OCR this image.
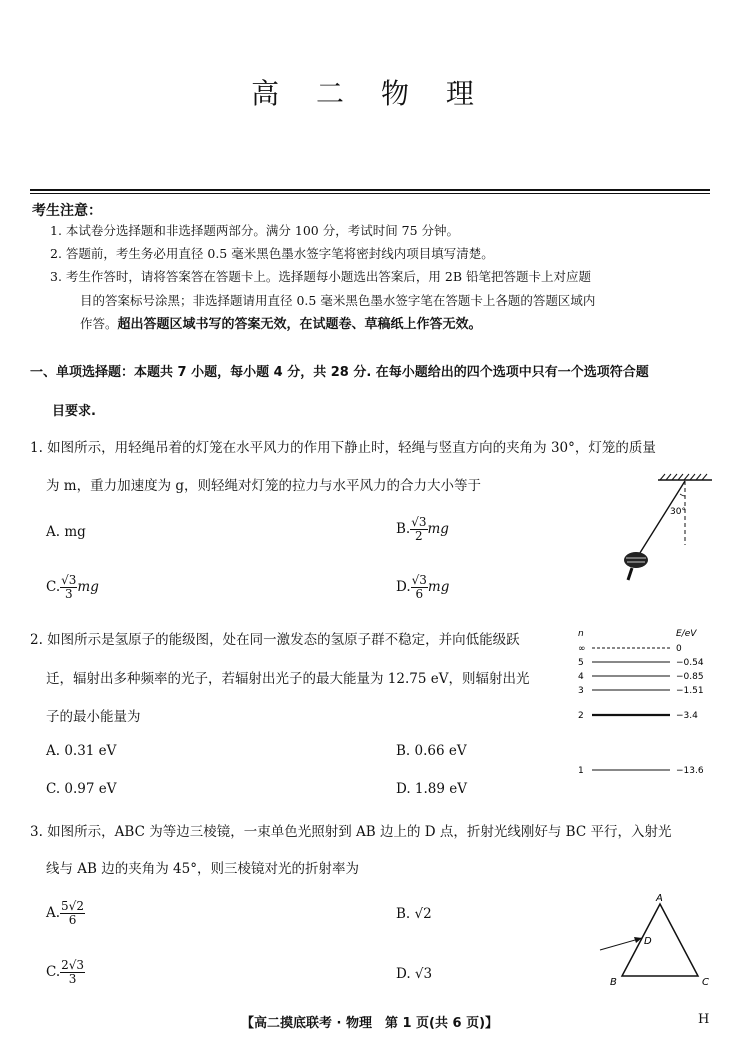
高 二 物 理
考生注意：
1. 本试卷分选择题和非选择题两部分。满分 100 分，考试时间 75 分钟。
2. 答题前，考生务必用直径 0.5 毫米黑色墨水签字笔将密封线内项目填写清楚。
3. 考生作答时，请将答案答在答题卡上。选择题每小题选出答案后，用 2B 铅笔把答题卡上对应题
目的答案标号涂黑；非选择题请用直径 0.5 毫米黑色墨水签字笔在答题卡上各题的答题区域内
作答。超出答题区域书写的答案无效，在试题卷、草稿纸上作答无效。
一、单项选择题：本题共 7 小题，每小题 4 分，共 28 分. 在每小题给出的四个选项中只有一个选项符合题
目要求.
1. 如图所示，用轻绳吊着的灯笼在水平风力的作用下静止时，轻绳与竖直方向的夹角为 30°，灯笼的质量
为 m，重力加速度为 g，则轻绳对灯笼的拉力与水平风力的合力大小等于
A. mg	B. $\frac{√3}{2}$ mg
C. $\frac{√3}{3}$ mg	D. $\frac{√3}{6}$ mg
30°
2. 如图所示是氢原子的能级图，处在同一激发态的氢原子群不稳定，并向低能级跃
迁，辐射出多种频率的光子，若辐射出光子的最大能量为 12.75 eV，则辐射出光
子的最小能量为
A. 0.31 eV	B. 0.66 eV
C. 0.97 eV	D. 1.89 eV
n	E/eV
∞	0
5	−0.54
4	−0.85
3	−1.51
2	−3.4
1	−13.6
3. 如图所示，ABC 为等边三棱镜，一束单色光照射到 AB 边上的 D 点，折射光线刚好与 BC 平行，入射光
线与 AB 边的夹角为 45°，则三棱镜对光的折射率为
A. $\frac{5√2}{6}$	B. √2
C. $\frac{2√3}{3}$	D. √3
A
B	C
D
【高二摸底联考 · 物理　第 1 页(共 6 页)】	H
